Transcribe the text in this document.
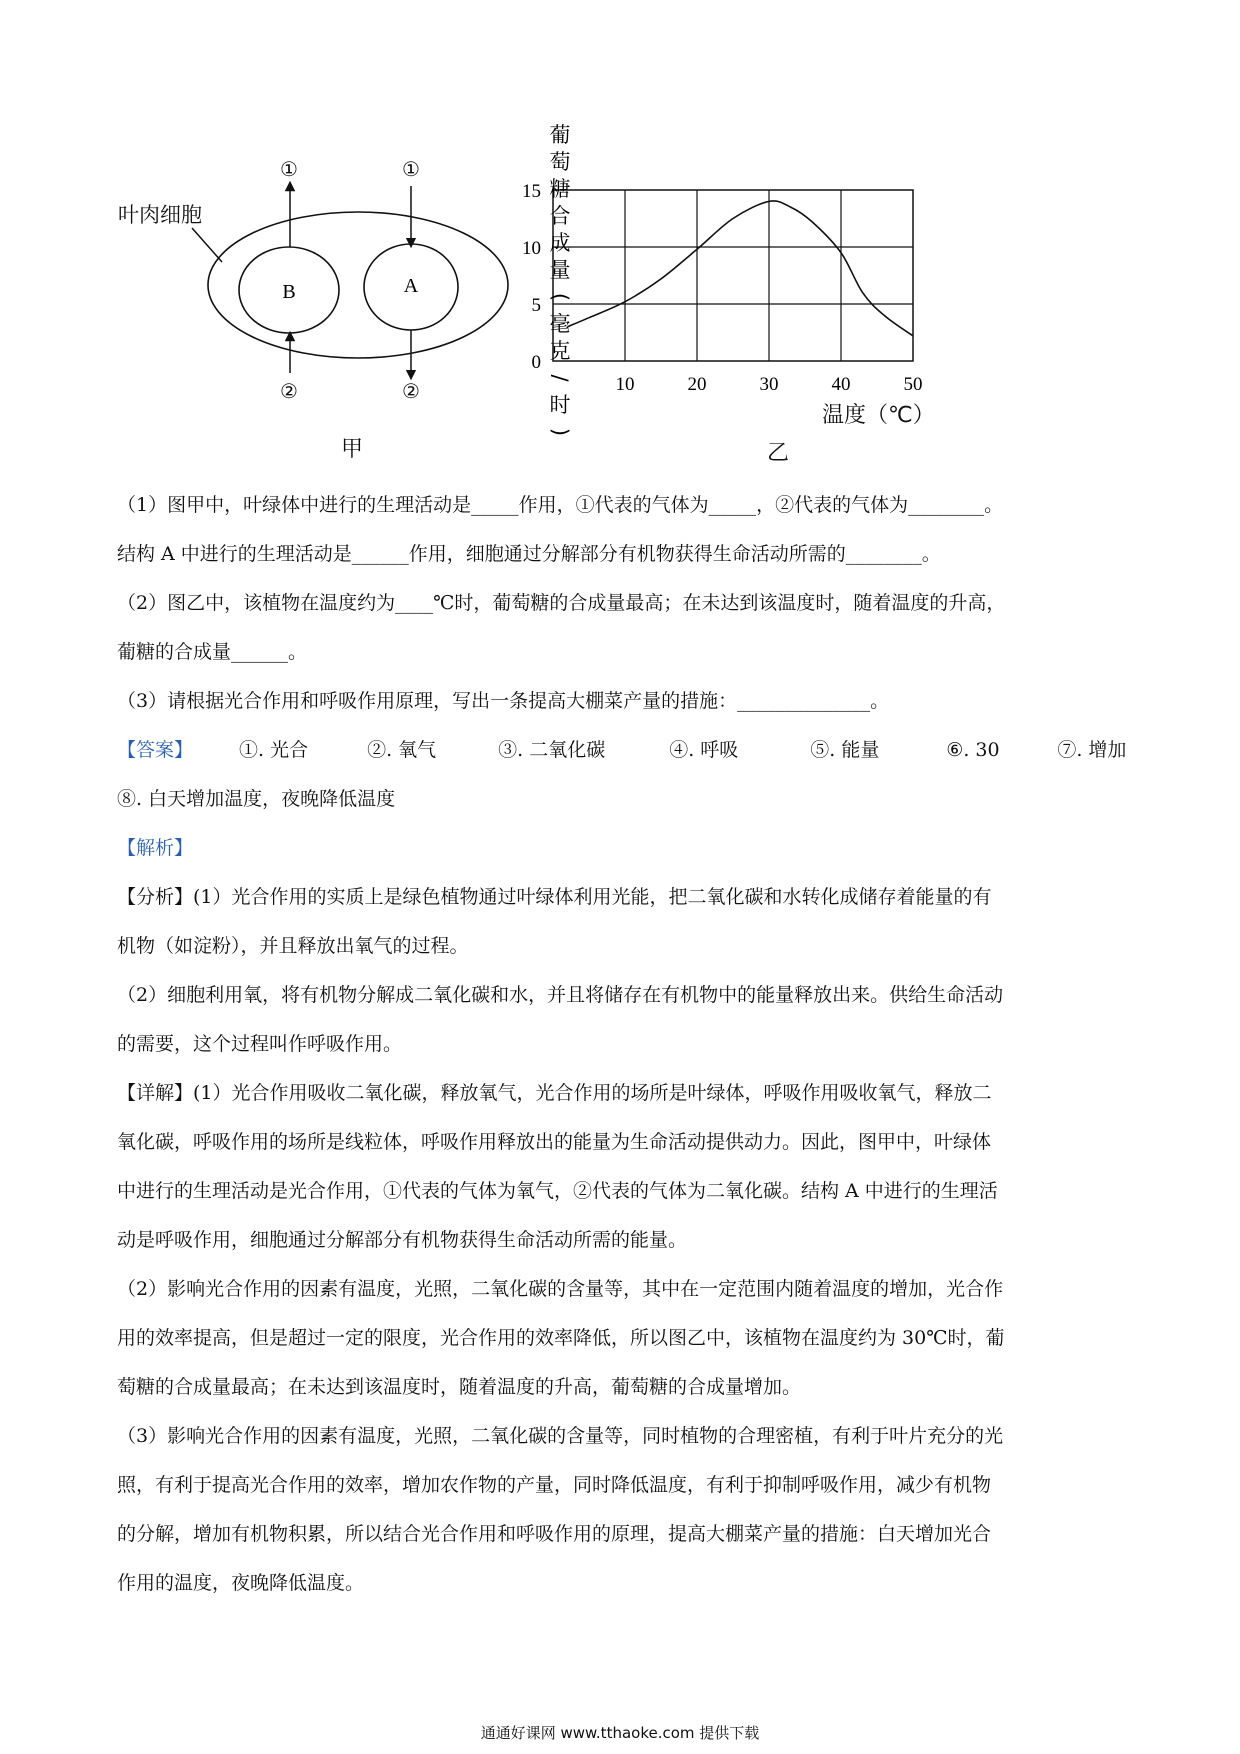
叶肉细胞
B	A
①	①
②	②
甲
0
5
10
15
10	20	30	40	50
葡
萄
糖
合
成
量
(
毫
克
/
时
)
温度（℃）
乙

（1）图甲中，叶绿体中进行的生理活动是_____作用，①代表的气体为_____，②代表的气体为________。

结构 A 中进行的生理活动是______作用，细胞通过分解部分有机物获得生命活动所需的________。

（2）图乙中，该植物在温度约为____℃时，葡萄糖的合成量最高；在未达到该温度时，随着温度的升高，

葡糖的合成量______。

（3）请根据光合作用和呼吸作用原理，写出一条提高大棚菜产量的措施：______________。

【答案】 ①. 光合	②. 氧气	③. 二氧化碳	④. 呼吸	⑤. 能量	⑥. 30	⑦. 增加

⑧. 白天增加温度，夜晚降低温度

【解析】

【分析】(1）光合作用的实质上是绿色植物通过叶绿体利用光能，把二氧化碳和水转化成储存着能量的有

机物（如淀粉），并且释放出氧气的过程。

（2）细胞利用氧，将有机物分解成二氧化碳和水，并且将储存在有机物中的能量释放出来。供给生命活动

的需要，这个过程叫作呼吸作用。

【详解】(1）光合作用吸收二氧化碳，释放氧气，光合作用的场所是叶绿体，呼吸作用吸收氧气，释放二

氧化碳，呼吸作用的场所是线粒体，呼吸作用释放出的能量为生命活动提供动力。因此，图甲中，叶绿体

中进行的生理活动是光合作用，①代表的气体为氧气，②代表的气体为二氧化碳。结构 A 中进行的生理活

动是呼吸作用，细胞通过分解部分有机物获得生命活动所需的能量。

（2）影响光合作用的因素有温度，光照，二氧化碳的含量等，其中在一定范围内随着温度的增加，光合作

用的效率提高，但是超过一定的限度，光合作用的效率降低，所以图乙中，该植物在温度约为 30℃时，葡

萄糖的合成量最高；在未达到该温度时，随着温度的升高，葡萄糖的合成量增加。

（3）影响光合作用的因素有温度，光照，二氧化碳的含量等，同时植物的合理密植，有利于叶片充分的光

照，有利于提高光合作用的效率，增加农作物的产量，同时降低温度，有利于抑制呼吸作用，减少有机物

的分解，增加有机物积累，所以结合光合作用和呼吸作用的原理，提高大棚菜产量的措施：白天增加光合

作用的温度，夜晚降低温度。

通通好课网 www.tthaoke.com 提供下载
